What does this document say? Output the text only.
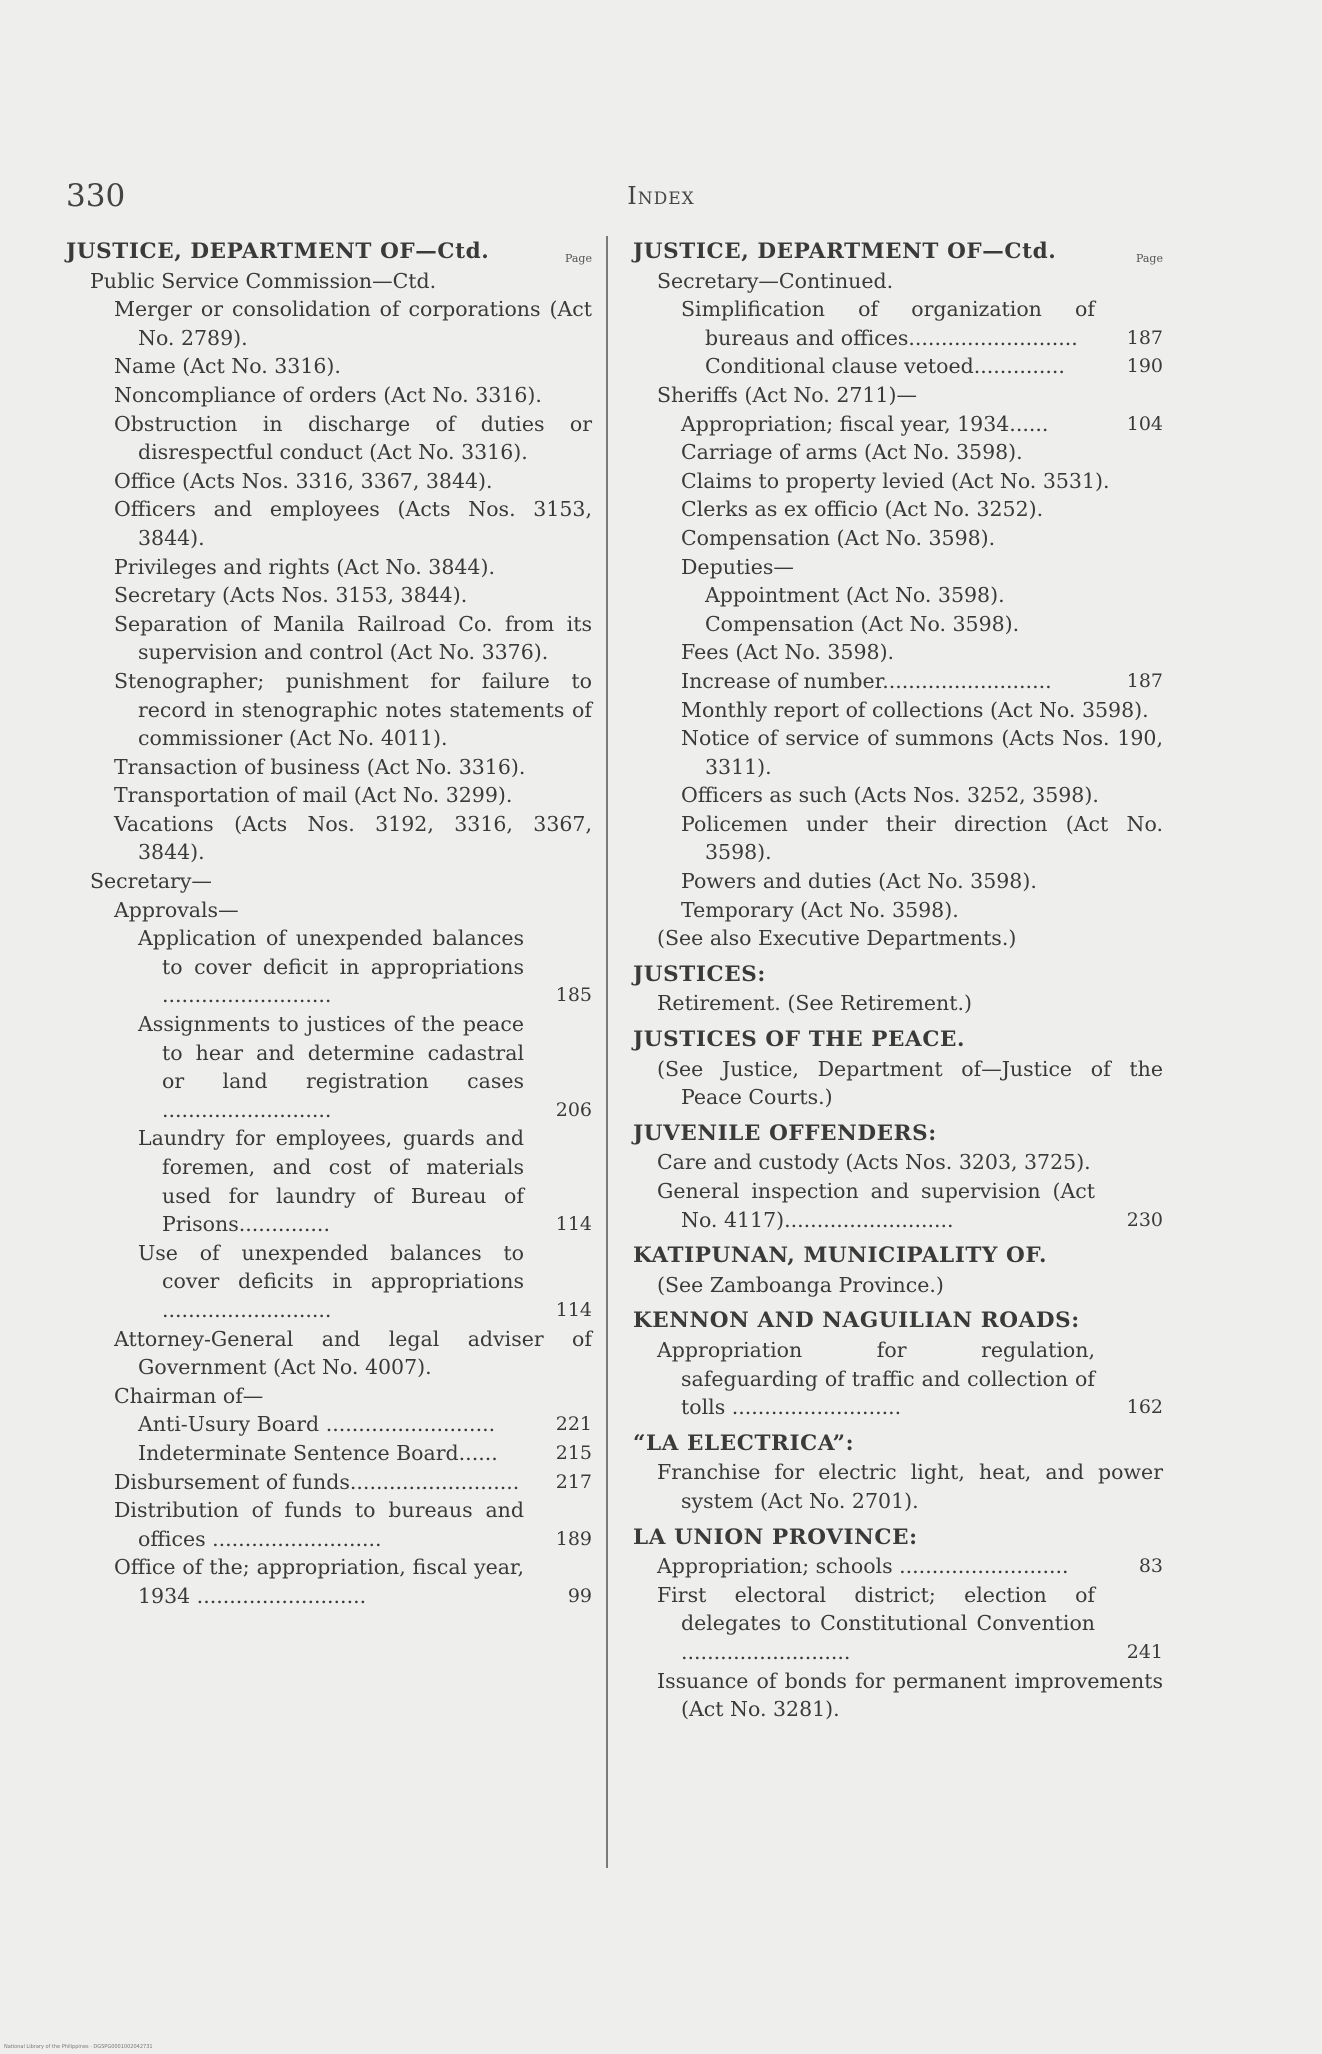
330	Index
JUSTICE, DEPARTMENT OF—Ctd.	Page
Public Service Commission—Ctd.
Merger or consolidation of corporations (Act No. 2789).
Name (Act No. 3316).
Noncompliance of orders (Act No. 3316).
Obstruction in discharge of duties or disrespectful conduct (Act No. 3316).
Office (Acts Nos. 3316, 3367, 3844).
Officers and employees (Acts Nos. 3153, 3844).
Privileges and rights (Act No. 3844).
Secretary (Acts Nos. 3153, 3844).
Separation of Manila Railroad Co. from its supervision and control (Act No. 3376).
Stenographer; punishment for failure to record in stenographic notes statements of commissioner (Act No. 4011).
Transaction of business (Act No. 3316).
Transportation of mail (Act No. 3299).
Vacations (Acts Nos. 3192, 3316, 3367, 3844).
Secretary—
Approvals—
Application of unexpended balances to cover deficit in appropriations ..........................	185
Assignments to justices of the peace to hear and determine cadastral or land registration cases ..........................	206
Laundry for employees, guards and foremen, and cost of materials used for laundry of Bureau of Prisons..............	114
Use of unexpended balances to cover deficits in appropriations ..........................	114
Attorney-General and legal adviser of Government (Act No. 4007).
Chairman of—
Anti-Usury Board ..........................	221
Indeterminate Sentence Board......	215
Disbursement of funds..........................	217
Distribution of funds to bureaus and offices ..........................	189
Office of the; appropriation, fiscal year, 1934 ..........................	99
JUSTICE, DEPARTMENT OF—Ctd.	Page
Secretary—Continued.
Simplification of organization of bureaus and offices..........................	187
Conditional clause vetoed..............	190
Sheriffs (Act No. 2711)—
Appropriation; fiscal year, 1934......	104
Carriage of arms (Act No. 3598).
Claims to property levied (Act No. 3531).
Clerks as ex officio (Act No. 3252).
Compensation (Act No. 3598).
Deputies—
Appointment (Act No. 3598).
Compensation (Act No. 3598).
Fees (Act No. 3598).
Increase of number..........................	187
Monthly report of collections (Act No. 3598).
Notice of service of summons (Acts Nos. 190, 3311).
Officers as such (Acts Nos. 3252, 3598).
Policemen under their direction (Act No. 3598).
Powers and duties (Act No. 3598).
Temporary (Act No. 3598).
(See also Executive Departments.)
JUSTICES:
Retirement. (See Retirement.)
JUSTICES OF THE PEACE.
(See Justice, Department of—Justice of the Peace Courts.)
JUVENILE OFFENDERS:
Care and custody (Acts Nos. 3203, 3725).
General inspection and supervision (Act No. 4117)..........................	230
KATIPUNAN, MUNICIPALITY OF.
(See Zamboanga Province.)
KENNON AND NAGUILIAN ROADS:
Appropriation for regulation, safeguarding of traffic and collection of tolls ..........................	162
“LA ELECTRICA”:
Franchise for electric light, heat, and power system (Act No. 2701).
LA UNION PROVINCE:
Appropriation; schools ..........................	83
First electoral district; election of delegates to Constitutional Convention ..........................	241
Issuance of bonds for permanent improvements (Act No. 3281).
National Library of the Philippines · DGSPG0001002042731
